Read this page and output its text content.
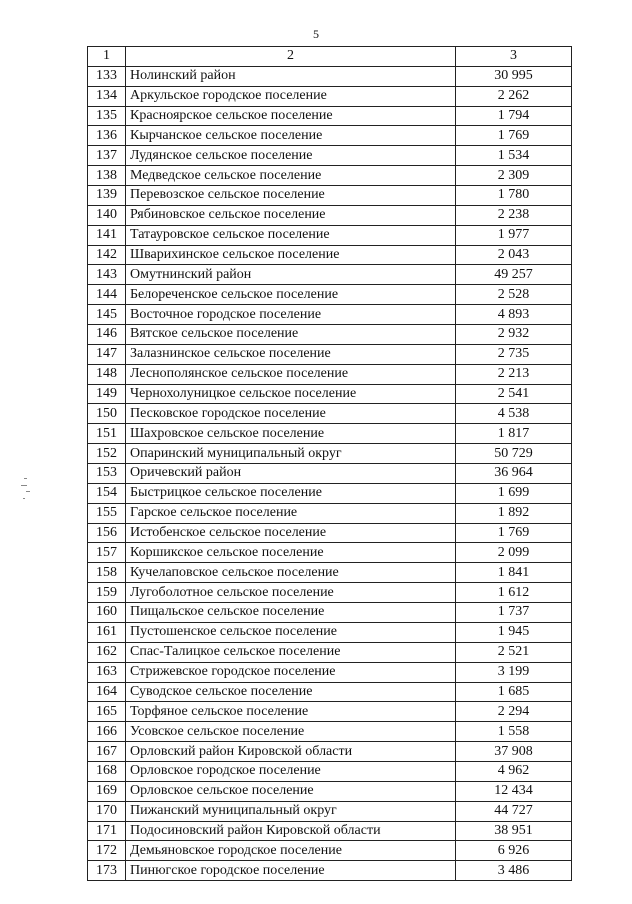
5
1	2	3
133	Нолинский район	30 995
134	Аркульское городское поселение	2 262
135	Красноярское сельское поселение	1 794
136	Кырчанское сельское поселение	1 769
137	Лудянское сельское поселение	1 534
138	Медведское сельское поселение	2 309
139	Перевозское сельское поселение	1 780
140	Рябиновское сельское поселение	2 238
141	Татауровское сельское поселение	1 977
142	Шварихинское сельское поселение	2 043
143	Омутнинский район	49 257
144	Белореченское сельское поселение	2 528
145	Восточное городское поселение	4 893
146	Вятское сельское поселение	2 932
147	Залазнинское сельское поселение	2 735
148	Леснополянское сельское поселение	2 213
149	Чернохолуницкое сельское поселение	2 541
150	Песковское городское поселение	4 538
151	Шахровское сельское поселение	1 817
152	Опаринский муниципальный округ	50 729
153	Оричевский район	36 964
154	Быстрицкое сельское поселение	1 699
155	Гарское сельское поселение	1 892
156	Истобенское сельское поселение	1 769
157	Коршикское сельское поселение	2 099
158	Кучелаповское сельское поселение	1 841
159	Лугоболотное сельское поселение	1 612
160	Пищальское сельское поселение	1 737
161	Пустошенское сельское поселение	1 945
162	Спас-Талицкое сельское поселение	2 521
163	Стрижевское городское поселение	3 199
164	Суводское сельское поселение	1 685
165	Торфяное сельское поселение	2 294
166	Усовское сельское поселение	1 558
167	Орловский район Кировской области	37 908
168	Орловское городское поселение	4 962
169	Орловское сельское поселение	12 434
170	Пижанский муниципальный округ	44 727
171	Подосиновский район Кировской области	38 951
172	Демьяновское городское поселение	6 926
173	Пинюгское городское поселение	3 486
